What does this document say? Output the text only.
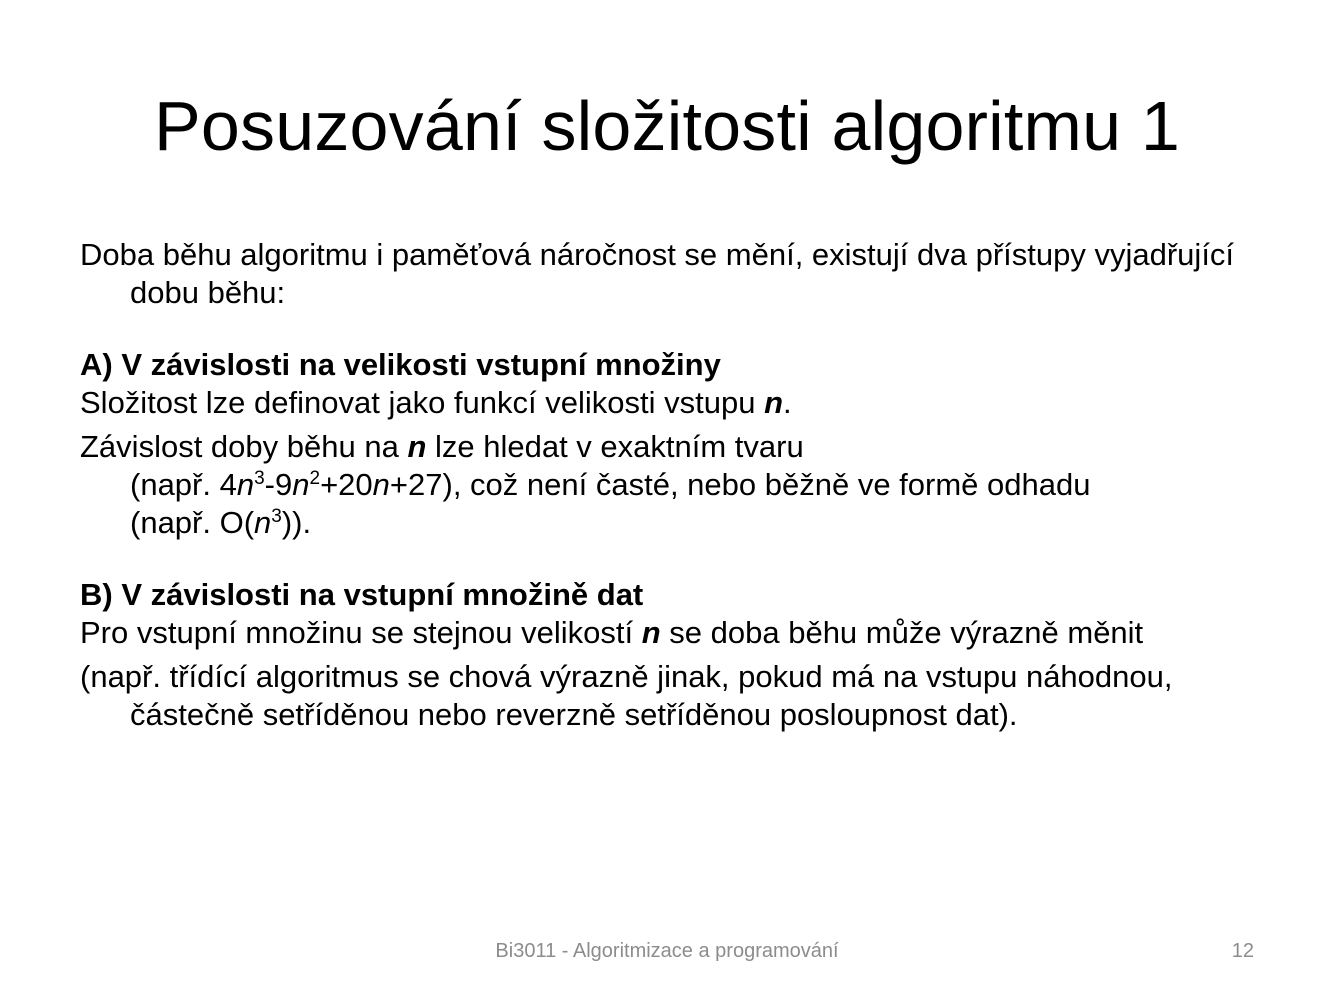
Posuzování složitosti algoritmu 1

Doba běhu algoritmu i paměťová náročnost se mění, existují dva přístupy vyjadřující dobu běhu:

A) V závislosti na velikosti vstupní množiny

Složitost lze definovat jako funkcí velikosti vstupu n.

Závislost doby běhu na n lze hledat v exaktním tvaru
(např. $4n^3-9n^2+20n+27$), což není časté, nebo běžně ve formě odhadu
(např. $O(n^3)$).

B) V závislosti na vstupní množině dat

Pro vstupní množinu se stejnou velikostí n se doba běhu může výrazně měnit

(např. třídící algoritmus se chová výrazně jinak, pokud má na vstupu náhodnou, částečně setříděnou nebo reverzně setříděnou posloupnost dat).

Bi3011 - Algoritmizace a programování	12
